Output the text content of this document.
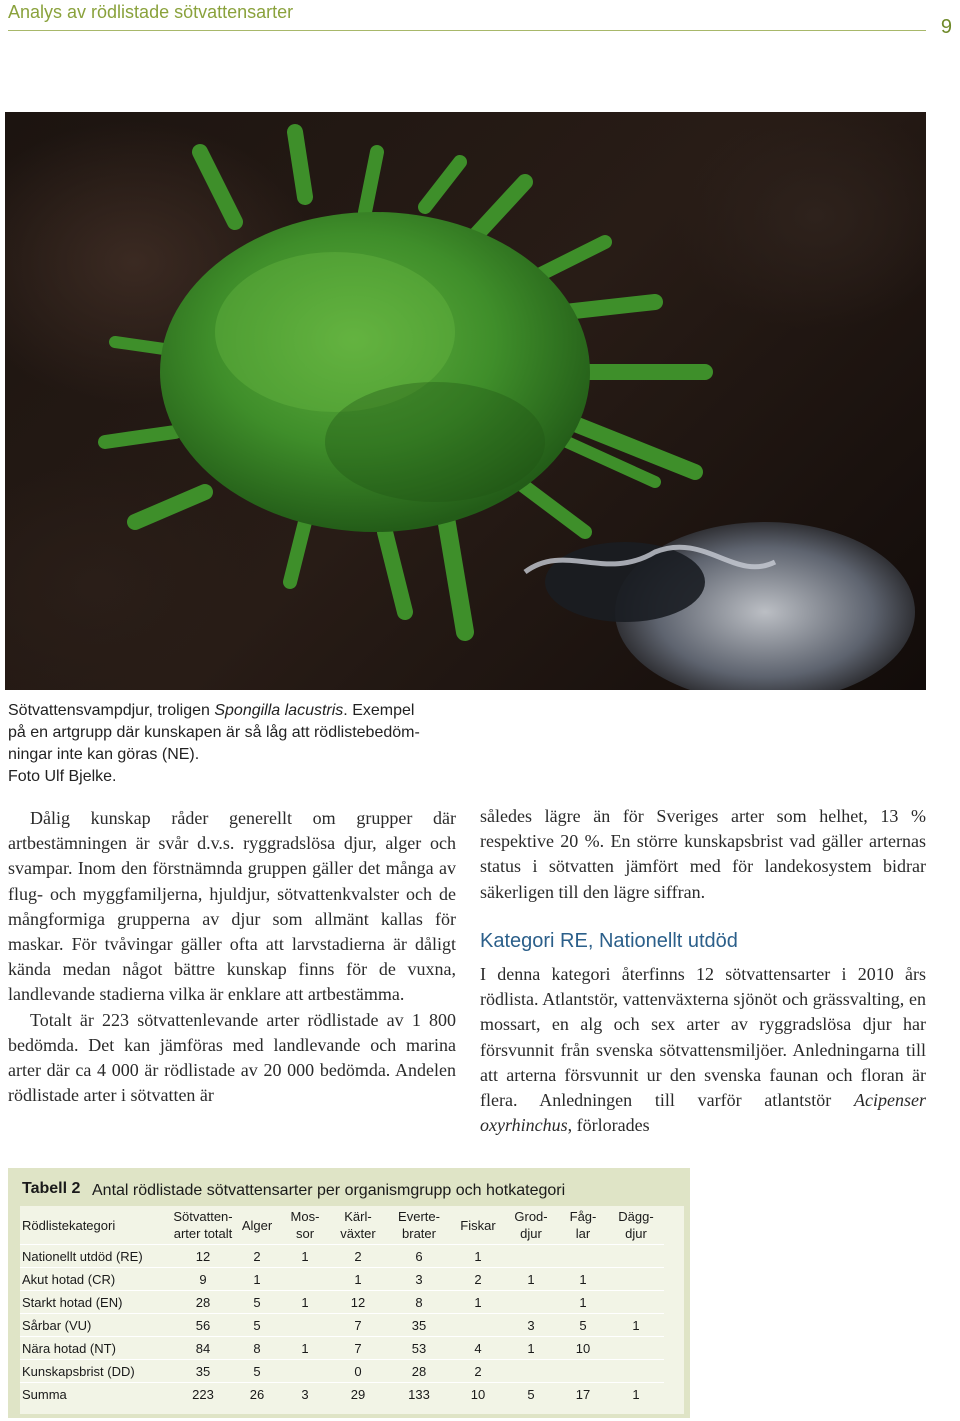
Analys av rödlistade sötvattensarter
9

Sötvattensvampdjur, troligen Spongilla lacustris. Exempel

på en artgrupp där kunskapen är så låg att rödlistebedöm-

ningar inte kan göras (NE).

Foto Ulf Bjelke.

Dålig kunskap råder generellt om grupper där artbestämningen är svår d.v.s. ryggradslösa djur, alger och svampar. Inom den förstnämnda gruppen gäller det många av flug- och myggfamiljerna, hjuldjur, sötvattenkvalster och de mångformiga grupperna av djur som allmänt kallas för maskar. För tvåvingar gäller ofta att larvstadierna är dåligt kända medan något bättre kunskap finns för de vuxna, landlevande stadierna vilka är enklare att artbestämma.

Totalt är 223 sötvattenlevande arter rödlistade av 1 800 bedömda. Det kan jämföras med landlevande och marina arter där ca 4 000 är rödlistade av 20 000 bedömda. Andelen rödlistade arter i sötvatten är

således lägre än för Sveriges arter som helhet, 13 % respektive 20 %. En större kunskapsbrist vad gäller arternas status i sötvatten jämfört med för landekosystem bidrar säkerligen till den lägre siffran.

Kategori RE, Nationellt utdöd

I denna kategori återfinns 12 sötvattensarter i 2010 års rödlista. Atlantstör, vattenväxterna sjönöt och grässvalting, en mossart, en alg och sex arter av ryggradslösa djur har försvunnit från svenska sötvattensmiljöer. Anledningarna till att arterna försvunnit ur den svenska faunan och floran är flera. Anledningen till varför atlantstör Acipenser oxyrhinchus, förlorades

Tabell 2 Antal rödlistade sötvattensarter per organismgrupp och hotkategori
Rödlistekategori	Sötvatten-
arter totalt	Alger	Mos-
sor	Kärl-
växter	Everte-
brater	Fiskar	Grod-
djur	Fåg-
lar	Dägg-
djur
Nationellt utdöd (RE)	12	2	1	2	6	1			
Akut hotad (CR)	9	1		1	3	2	1	1	
Starkt hotad (EN)	28	5	1	12	8	1		1	
Sårbar (VU)	56	5		7	35		3	5	1
Nära hotad (NT)	84	8	1	7	53	4	1	10	
Kunskapsbrist (DD)	35	5		0	28	2			
Summa	223	26	3	29	133	10	5	17	1
